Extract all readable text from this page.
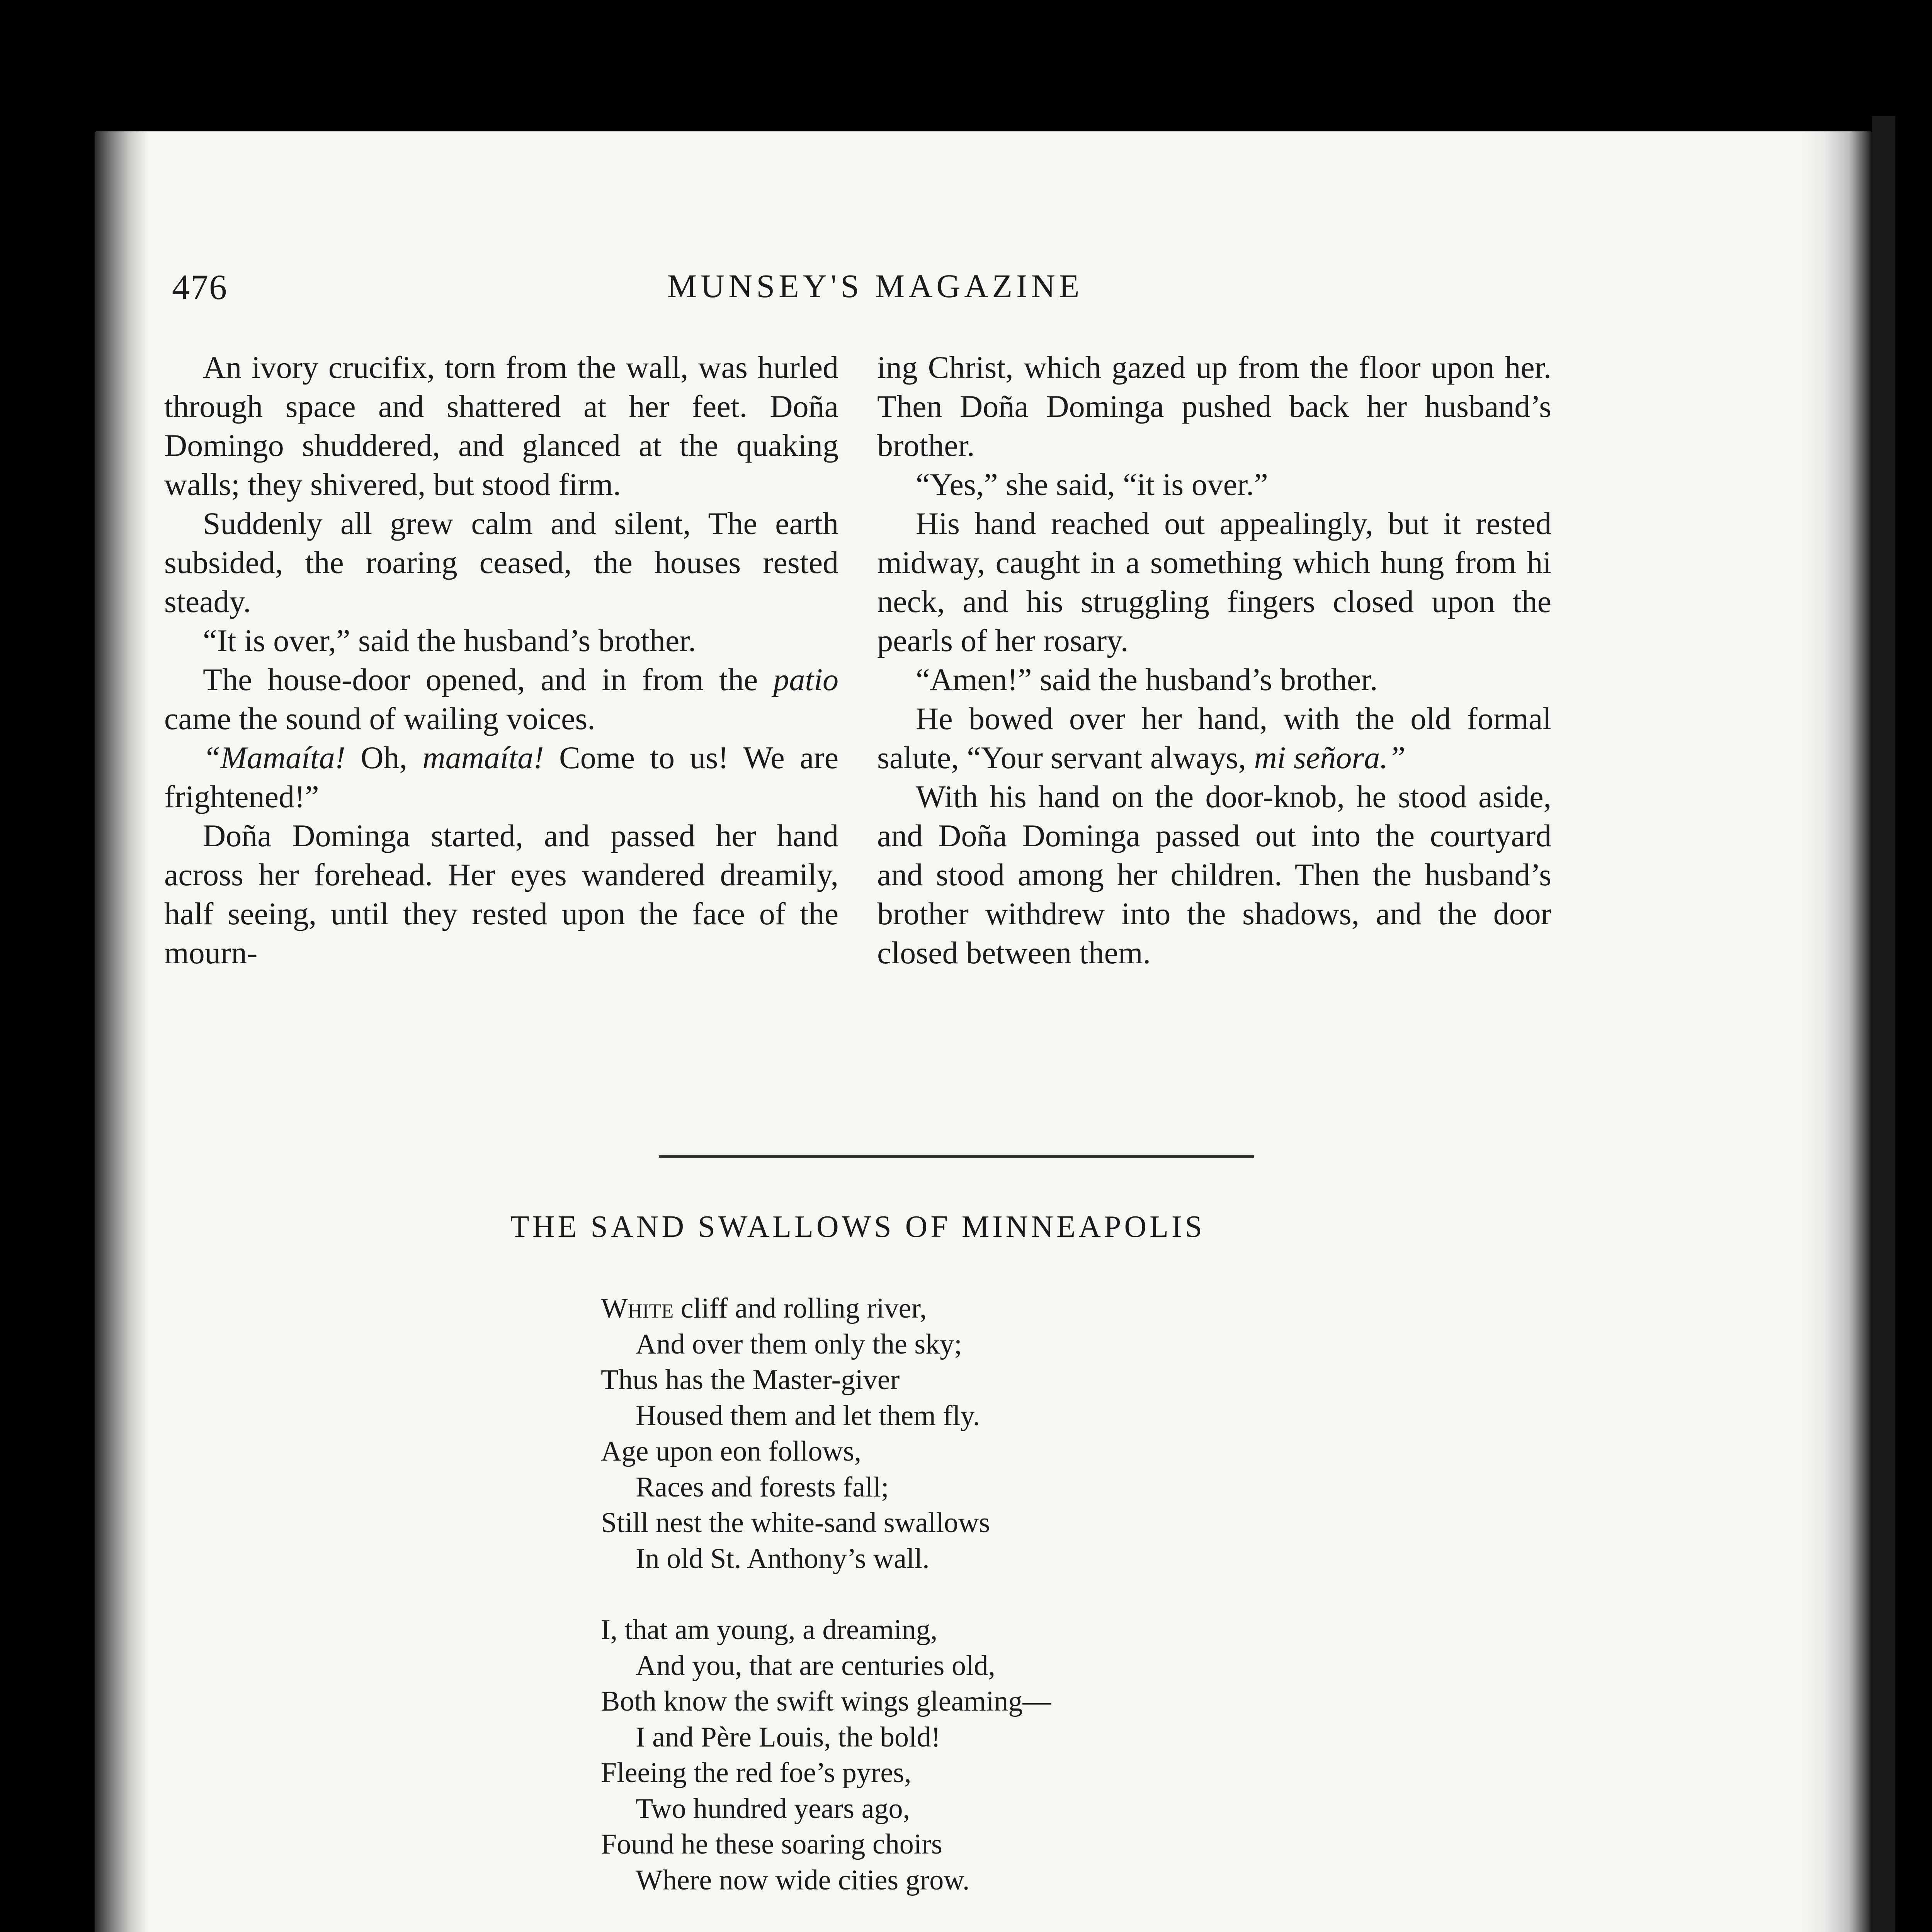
476	MUNSEY'S MAGAZINE

An ivory crucifix, torn from the wall, was hurled through space and shattered at her feet. Doña Domingo shuddered, and glanced at the quaking walls; they shivered, but stood firm.

Suddenly all grew calm and silent, The earth subsided, the roaring ceased, the houses rested steady.

“It is over,” said the husband’s brother.

The house-door opened, and in from the patio came the sound of wailing voices.

“Mamaíta! Oh, mamaíta! Come to us! We are frightened!”

Doña Dominga started, and passed her hand across her forehead. Her eyes wandered dreamily, half seeing, until they rested upon the face of the mourn-

ing Christ, which gazed up from the floor upon her. Then Doña Dominga pushed back her husband’s brother.

“Yes,” she said, “it is over.”

His hand reached out appealingly, but it rested midway, caught in a something which hung from hi neck, and his struggling fingers closed upon the pearls of her rosary.

“Amen!” said the husband’s brother.

He bowed over her hand, with the old formal salute, “Your servant always, mi señora.”

With his hand on the door-knob, he stood aside, and Doña Dominga passed out into the courtyard and stood among her children. Then the husband’s brother withdrew into the shadows, and the door closed between them.

THE SAND SWALLOWS OF MINNEAPOLIS
White cliff and rolling river,
And over them only the sky;
Thus has the Master-giver
Housed them and let them fly.
Age upon eon follows,
Races and forests fall;
Still nest the white-sand swallows
In old St. Anthony’s wall.
I, that am young, a dreaming,
And you, that are centuries old,
Both know the swift wings gleaming—
I and Père Louis, the bold!
Fleeing the red foe’s pyres,
Two hundred years ago,
Found he these soaring choirs
Where now wide cities grow.
